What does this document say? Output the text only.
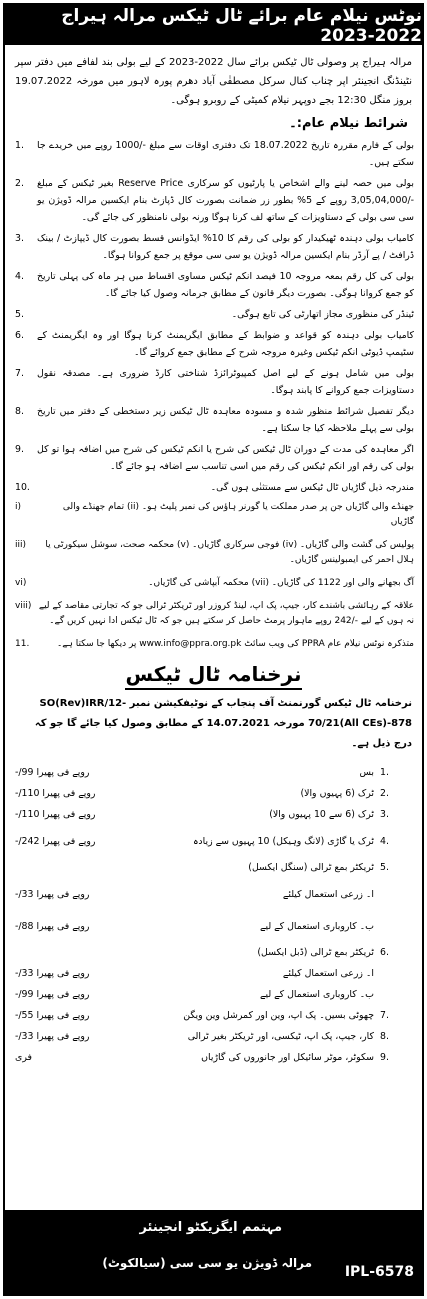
نوٹس نیلام عام برائے ٹال ٹیکس مرالہ ہیراج 2022-2023
مرالہ ہیراج پر وصولی ٹال ٹیکس برائے سال 2022-2023 کے لیے بولی بند لفافے میں دفتر سپر نٹینڈنگ انجینئر اپر چناب کنال سرکل مصطفٰی آباد دھرم پورہ لاہور میں مورخہ 19.07.2022 بروز منگل 12:30 بجے دوپہر نیلام کمیٹی کے روبرو ہوگی۔
شرائط نیلام عام:۔
1.	بولی کے فارم مقررہ تاریخ 18.07.2022 تک دفتری اوقات سے مبلغ -/1000 روپے میں خریدے جا سکتے ہیں۔
2.	بولی میں حصہ لینے والے اشخاص یا پارٹیوں کو سرکاری Reserve Price بغیر ٹیکس کے مبلغ -/3,05,04,000 روپے کے 5% بطور زر ضمانت بصورت کال ڈپازٹ بنام ایکسین مرالہ ڈویژن یو سی سی بولی کے دستاویزات کے ساتھ لف کرنا ہوگا ورنہ بولی نامنظور کی جائے گی۔
3.	کامیاب بولی دہندہ ٹھیکیدار کو بولی کی رقم کا 10% ایڈوانس قسط بصورت کال ڈیپازٹ / بینک ڈرافٹ / پے آرڈر بنام ایکسین مرالہ ڈویژن یو سی سی موقع پر جمع کروانا ہوگا۔
4.	بولی کی کل رقم بمعہ مروجہ 10 فیصد انکم ٹیکس مساوی اقساط میں ہر ماہ کی پہلی تاریخ کو جمع کروانا ہوگی۔ بصورت دیگر قانون کے مطابق جرمانہ وصول کیا جائے گا۔
5.	ٹینڈر کی منظوری مجاز اتھارٹی کی تابع ہوگی۔
6.	کامیاب بولی دہندہ کو قواعد و ضوابط کے مطابق ایگریمنٹ کرنا ہوگا اور وہ ایگریمنٹ کے سٹیمپ ڈیوٹی انکم ٹیکس وغیرہ مروجہ شرح کے مطابق جمع کروائے گا۔
7.	بولی میں شامل ہونے کے لیے اصل کمپیوٹرائزڈ شناختی کارڈ ضروری ہے۔ مصدقہ نقول دستاویزات جمع کروانے کا پابند ہوگا۔
8.	دیگر تفصیل شرائط منظور شدہ و مسودہ معاہدہ ٹال ٹیکس زیر دستخطی کے دفتر میں تاریخ بولی سے پہلے ملاحظہ کیا جا سکتا ہے۔
9.	اگر معاہدہ کی مدت کے دوران ٹال ٹیکس کی شرح یا انکم ٹیکس کی شرح میں اضافہ ہوا تو کل بولی کی رقم اور انکم ٹیکس کی رقم میں اسی تناسب سے اضافہ ہو جائے گا۔
10.	مندرجہ ذیل گاڑیاں ٹال ٹیکس سے مستثنٰی ہوں گی۔
i)	جھنڈے والی گاڑیاں جن پر صدر مملکت یا گورنر ہاؤس کی نمبر پلیٹ ہو۔ (ii) تمام جھنڈے والی گاڑیاں
iii)	پولیس کی گشت والی گاڑیاں۔ (iv) فوجی سرکاری گاڑیاں۔ (v) محکمہ صحت، سوشل سیکورٹی یا ہلال احمر کی ایمبولینس گاڑیاں۔
vi)	آگ بجھانے والی اور 1122 کی گاڑیاں۔ (vii) محکمہ آبپاشی کی گاڑیاں۔
viii) علاقہ کے رہائشی باشندے کار، جیپ، پک اپ، لینڈ کروزر اور ٹریکٹر ٹرالی جو کہ تجارتی مقاصد کے لیے نہ ہوں کے لیے -/242 روپے ماہوار پرمٹ حاصل کر سکتے ہیں جو کہ ٹال ٹیکس ادا نہیں کریں گے۔
11.	متذکرہ نوٹس نیلام عام PPRA کی ویب سائٹ www.info@ppra.org.pk پر دیکھا جا سکتا ہے۔
نرخنامہ ٹال ٹیکس
نرخنامہ ٹال ٹیکس گورنمنٹ آف پنجاب کے نوٹیفکیشن نمبر SO(Rev)IRR/12-70/21(All CEs)-878 مورخہ 14.07.2021 کے مطابق وصول کیا جائے گا جو کہ درج ذیل ہے۔
-/99 روپے فی پھیرا	بس 1.
-/110 روپے فی پھیرا	ٹرک (6 پہیوں والا) 2.
-/110 روپے فی پھیرا	ٹرک (6 سے 10 پہیوں والا) 3.
-/242 روپے فی پھیرا	ٹرک یا گاڑی (لانگ وہیکل) 10 پہیوں سے زیادہ 4.
ٹریکٹر بمع ٹرالی (سنگل ایکسل) 5.
-/33 روپے فی پھیرا	ا۔ زرعی استعمال کیلئے
-/88 روپے فی پھیرا	ب۔ کاروباری استعمال کے لیے
ٹریکٹر بمع ٹرالی (ڈبل ایکسل) 6.
-/33 روپے فی پھیرا	ا۔ زرعی استعمال کیلئے
-/99 روپے فی پھیرا	ب۔ کاروباری استعمال کے لیے
-/55 روپے فی پھیرا	چھوٹی بسیں۔ پک اپ، وین اور کمرشل وین ویگن 7.
-/33 روپے فی پھیرا	کار، جیپ، پک اپ، ٹیکسی، اور ٹریکٹر بغیر ٹرالی 8.
فری	سکوٹر، موٹر سائیکل اور جانوروں کی گاڑیاں 9.
مہتمم ایگزیکٹو انجینئر
مرالہ ڈویژن یو سی سی (سیالکوٹ)
IPL-6578
